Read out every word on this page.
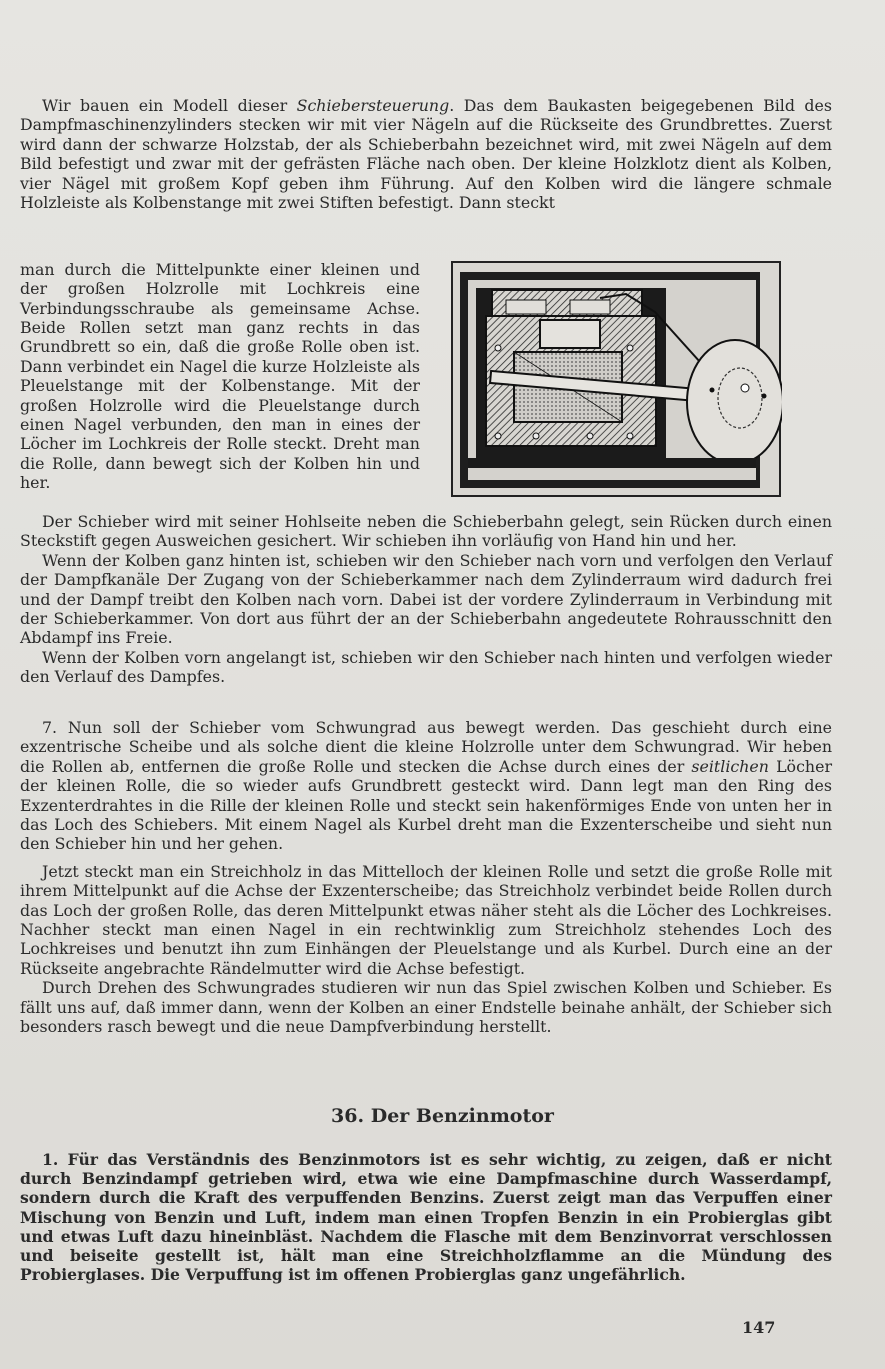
Wir bauen ein Modell dieser Schiebersteuerung. Das dem Baukasten beigegebenen Bild des Dampfmaschinenzylinders stecken wir mit vier Nägeln auf die Rückseite des Grundbrettes. Zuerst wird dann der schwarze Holzstab, der als Schieberbahn bezeichnet wird, mit zwei Nägeln auf dem Bild befestigt und zwar mit der gefrästen Fläche nach oben. Der kleine Holzklotz dient als Kolben, vier Nägel mit großem Kopf geben ihm Führung. Auf den Kolben wird die längere schmale Holzleiste als Kolbenstange mit zwei Stiften befestigt. Dann steckt

man durch die Mittelpunkte einer kleinen und der großen Holzrolle mit Lochkreis eine Verbindungsschraube als gemeinsame Achse. Beide Rollen setzt man ganz rechts in das Grundbrett so ein, daß die große Rolle oben ist. Dann verbindet ein Nagel die kurze Holzleiste als Pleuelstange mit der Kolbenstange. Mit der großen Holzrolle wird die Pleuelstange durch einen Nagel verbunden, den man in eines der Löcher im Lochkreis der Rolle steckt. Dreht man die Rolle, dann bewegt sich der Kolben hin und her.

Der Schieber wird mit seiner Hohlseite neben die Schieberbahn gelegt, sein Rücken durch einen Steckstift gegen Ausweichen gesichert. Wir schieben ihn vorläufig von Hand hin und her.

Wenn der Kolben ganz hinten ist, schieben wir den Schieber nach vorn und verfolgen den Verlauf der Dampfkanäle Der Zugang von der Schieberkammer nach dem Zylinderraum wird dadurch frei und der Dampf treibt den Kolben nach vorn. Dabei ist der vordere Zylinderraum in Verbindung mit der Schieberkammer. Von dort aus führt der an der Schieberbahn angedeutete Rohrausschnitt den Abdampf ins Freie.

Wenn der Kolben vorn angelangt ist, schieben wir den Schieber nach hinten und verfolgen wieder den Verlauf des Dampfes.

7. Nun soll der Schieber vom Schwungrad aus bewegt werden. Das geschieht durch eine exzentrische Scheibe und als solche dient die kleine Holzrolle unter dem Schwungrad. Wir heben die Rollen ab, entfernen die große Rolle und stecken die Achse durch eines der seitlichen Löcher der kleinen Rolle, die so wieder aufs Grundbrett gesteckt wird. Dann legt man den Ring des Exzenterdrahtes in die Rille der kleinen Rolle und steckt sein hakenförmiges Ende von unten her in das Loch des Schiebers. Mit einem Nagel als Kurbel dreht man die Exzenterscheibe und sieht nun den Schieber hin und her gehen.

Jetzt steckt man ein Streichholz in das Mittelloch der kleinen Rolle und setzt die große Rolle mit ihrem Mittelpunkt auf die Achse der Exzenterscheibe; das Streichholz verbindet beide Rollen durch das Loch der großen Rolle, das deren Mittelpunkt etwas näher steht als die Löcher des Lochkreises. Nachher steckt man einen Nagel in ein rechtwinklig zum Streichholz stehendes Loch des Lochkreises und benutzt ihn zum Einhängen der Pleuelstange und als Kurbel. Durch eine an der Rückseite angebrachte Rändelmutter wird die Achse befestigt.

Durch Drehen des Schwungrades studieren wir nun das Spiel zwischen Kolben und Schieber. Es fällt uns auf, daß immer dann, wenn der Kolben an einer Endstelle beinahe anhält, der Schieber sich besonders rasch bewegt und die neue Dampfverbindung herstellt.

36. Der Benzinmotor

1. Für das Verständnis des Benzinmotors ist es sehr wichtig, zu zeigen, daß er nicht durch Benzindampf getrieben wird, etwa wie eine Dampfmaschine durch Wasserdampf, sondern durch die Kraft des verpuffenden Benzins. Zuerst zeigt man das Verpuffen einer Mischung von Benzin und Luft, indem man einen Tropfen Benzin in ein Probierglas gibt und etwas Luft dazu hineinbläst. Nachdem die Flasche mit dem Benzinvorrat verschlossen und beiseite gestellt ist, hält man eine Streichholzflamme an die Mündung des Probierglases. Die Verpuffung ist im offenen Probierglas ganz ungefährlich.

147
